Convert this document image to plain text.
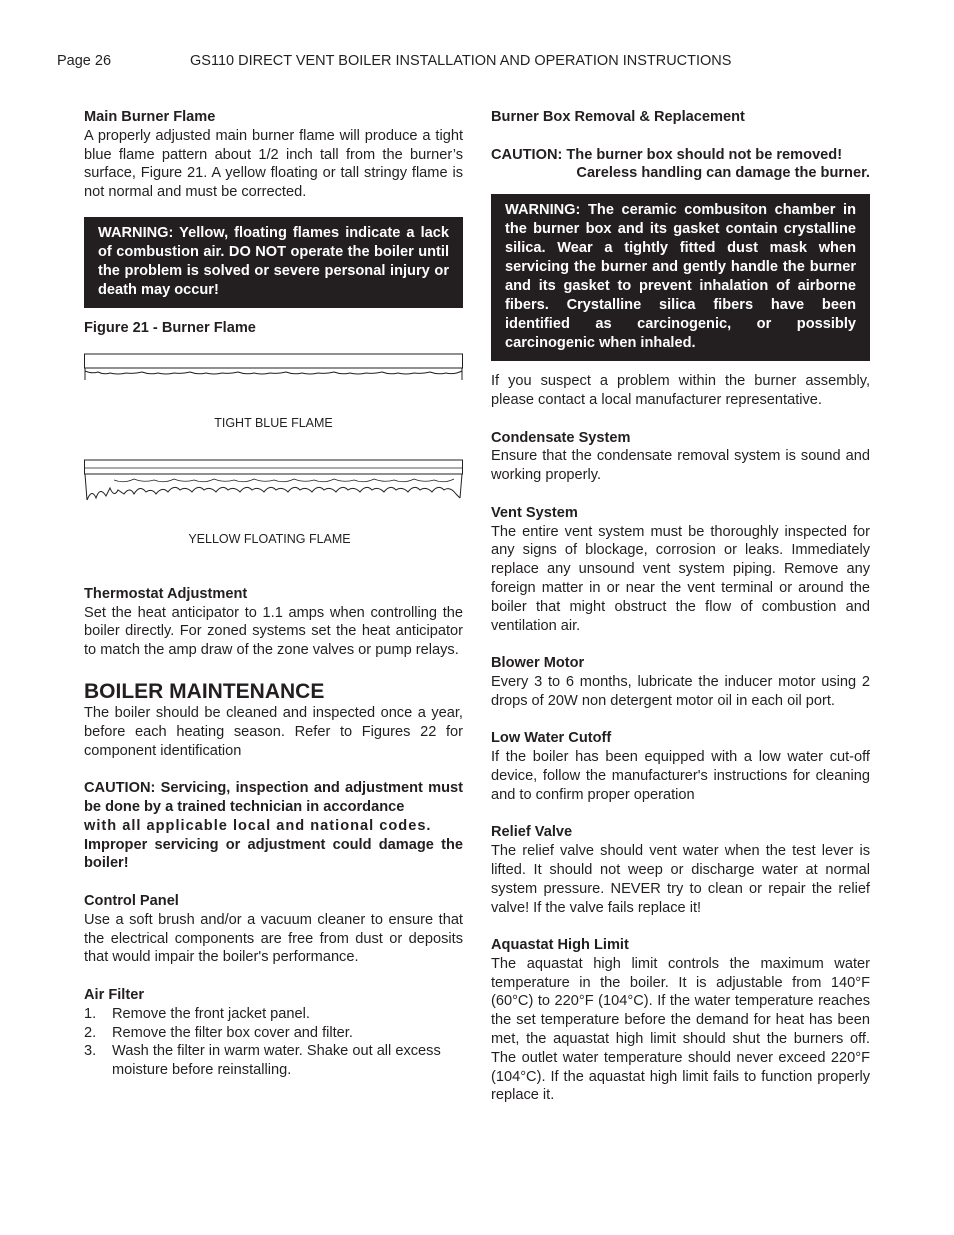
Page 26	GS110 DIRECT VENT BOILER INSTALLATION AND OPERATION INSTRUCTIONS

Main Burner Flame

A properly adjusted main burner flame will produce a tight blue flame pattern about 1/2 inch tall from the burner’s surface, Figure 21. A yellow floating or tall stringy flame is not normal and must be corrected.

WARNING: Yellow, floating flames indicate a lack of combustion air. DO NOT operate the boiler until the problem is solved or severe personal injury or death may occur!

Figure 21 - Burner Flame

TIGHT BLUE FLAME
YELLOW FLOATING FLAME

Thermostat Adjustment

Set the heat anticipator to 1.1 amps when controlling the boiler directly. For zoned systems set the heat anticipator to match the amp draw of the zone valves or pump relays.

BOILER MAINTENANCE

The boiler should be cleaned and inspected once a year, before each heating season. Refer to Figures 22 for component identification

CAUTION: Servicing, inspection and adjustment must be done by a trained technician in accordance

with all applicable local and national codes.

Improper servicing or adjustment could damage the boiler!

Control Panel

Use a soft brush and/or a vacuum cleaner to ensure that the electrical components are free from dust or deposits that would impair the boiler's performance.

Air Filter

1. Remove the front jacket panel.
2. Remove the filter box cover and filter.
3. Wash the filter in warm water. Shake out all excess moisture before reinstalling.

Burner Box Removal & Replacement

CAUTION: The burner box should not be removed!

Careless handling can damage the burner.

WARNING: The ceramic combusiton chamber in the burner box and its gasket contain crystalline silica. Wear a tightly fitted dust mask when servicing the burner and gently handle the burner and its gasket to prevent inhalation of airborne fibers. Crystalline silica fibers have been identified as carcinogenic, or possibly carcinogenic when inhaled.

If you suspect a problem within the burner assembly, please contact a local manufacturer representative.

Condensate System

Ensure that the condensate removal system is sound and working properly.

Vent System

The entire vent system must be thoroughly inspected for any signs of blockage, corrosion or leaks. Immediately replace any unsound vent system piping. Remove any foreign matter in or near the vent terminal or around the boiler that might obstruct the flow of combustion and ventilation air.

Blower Motor

Every 3 to 6 months, lubricate the inducer motor using 2 drops of 20W non detergent motor oil in each oil port.

Low Water Cutoff

If the boiler has been equipped with a low water cut-off device, follow the manufacturer's instructions for cleaning and to confirm proper operation

Relief Valve

The relief valve should vent water when the test lever is lifted. It should not weep or discharge water at normal system pressure. NEVER try to clean or repair the relief valve! If the valve fails replace it!

Aquastat High Limit

The aquastat high limit controls the maximum water temperature in the boiler. It is adjustable from 140°F (60°C) to 220°F (104°C). If the water temperature reaches the set temperature before the demand for heat has been met, the aquastat high limit should shut the burners off. The outlet water temperature should never exceed 220°F (104°C). If the aquastat high limit fails to function properly replace it.
